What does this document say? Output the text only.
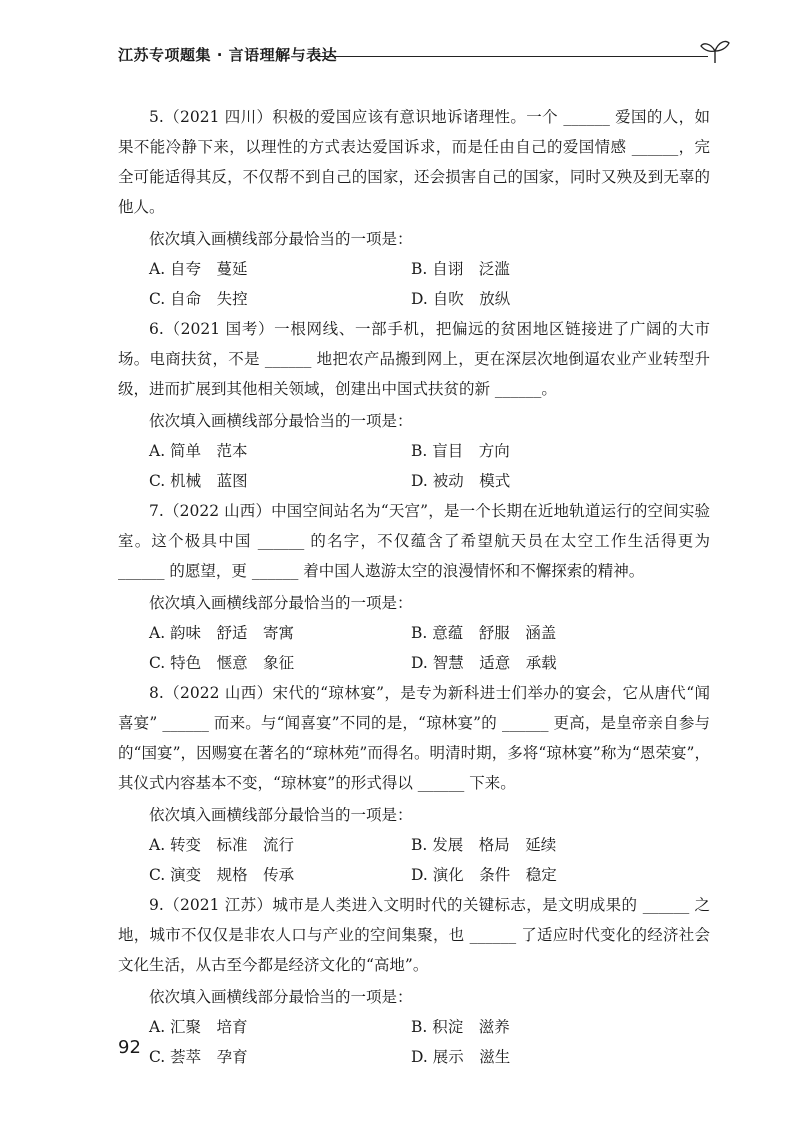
江苏专项题集 · 言语理解与表达

5.（2021 四川）积极的爱国应该有意识地诉诸理性。一个 ______ 爱国的人，如果不能冷静下来，以理性的方式表达爱国诉求，而是任由自己的爱国情感 ______，完全可能适得其反，不仅帮不到自己的国家，还会损害自己的国家，同时又殃及到无辜的他人。

依次填入画横线部分最恰当的一项是：

A. 自夸　蔓延	B. 自诩　泛滥
C. 自命　失控	D. 自吹　放纵

6.（2021 国考）一根网线、一部手机，把偏远的贫困地区链接进了广阔的大市场。电商扶贫，不是 ______ 地把农产品搬到网上，更在深层次地倒逼农业产业转型升级，进而扩展到其他相关领域，创建出中国式扶贫的新 ______。

依次填入画横线部分最恰当的一项是：

A. 简单　范本	B. 盲目　方向
C. 机械　蓝图	D. 被动　模式

7.（2022 山西）中国空间站名为“天宫”，是一个长期在近地轨道运行的空间实验室。这个极具中国 ______ 的名字，不仅蕴含了希望航天员在太空工作生活得更为 ______ 的愿望，更 ______ 着中国人遨游太空的浪漫情怀和不懈探索的精神。

依次填入画横线部分最恰当的一项是：

A. 韵味　舒适　寄寓	B. 意蕴　舒服　涵盖
C. 特色　惬意　象征	D. 智慧　适意　承载

8.（2022 山西）宋代的“琼林宴”，是专为新科进士们举办的宴会，它从唐代“闻喜宴” ______ 而来。与“闻喜宴”不同的是，“琼林宴”的 ______ 更高，是皇帝亲自参与的“国宴”，因赐宴在著名的“琼林苑”而得名。明清时期，多将“琼林宴”称为“恩荣宴”，其仪式内容基本不变，“琼林宴”的形式得以 ______ 下来。

依次填入画横线部分最恰当的一项是：

A. 转变　标准　流行	B. 发展　格局　延续
C. 演变　规格　传承	D. 演化　条件　稳定

9.（2021 江苏）城市是人类进入文明时代的关键标志，是文明成果的 ______ 之地，城市不仅仅是非农人口与产业的空间集聚，也 ______ 了适应时代变化的经济社会文化生活，从古至今都是经济文化的“高地”。

依次填入画横线部分最恰当的一项是：

A. 汇聚　培育	B. 积淀　滋养
C. 荟萃　孕育	D. 展示　滋生
92
